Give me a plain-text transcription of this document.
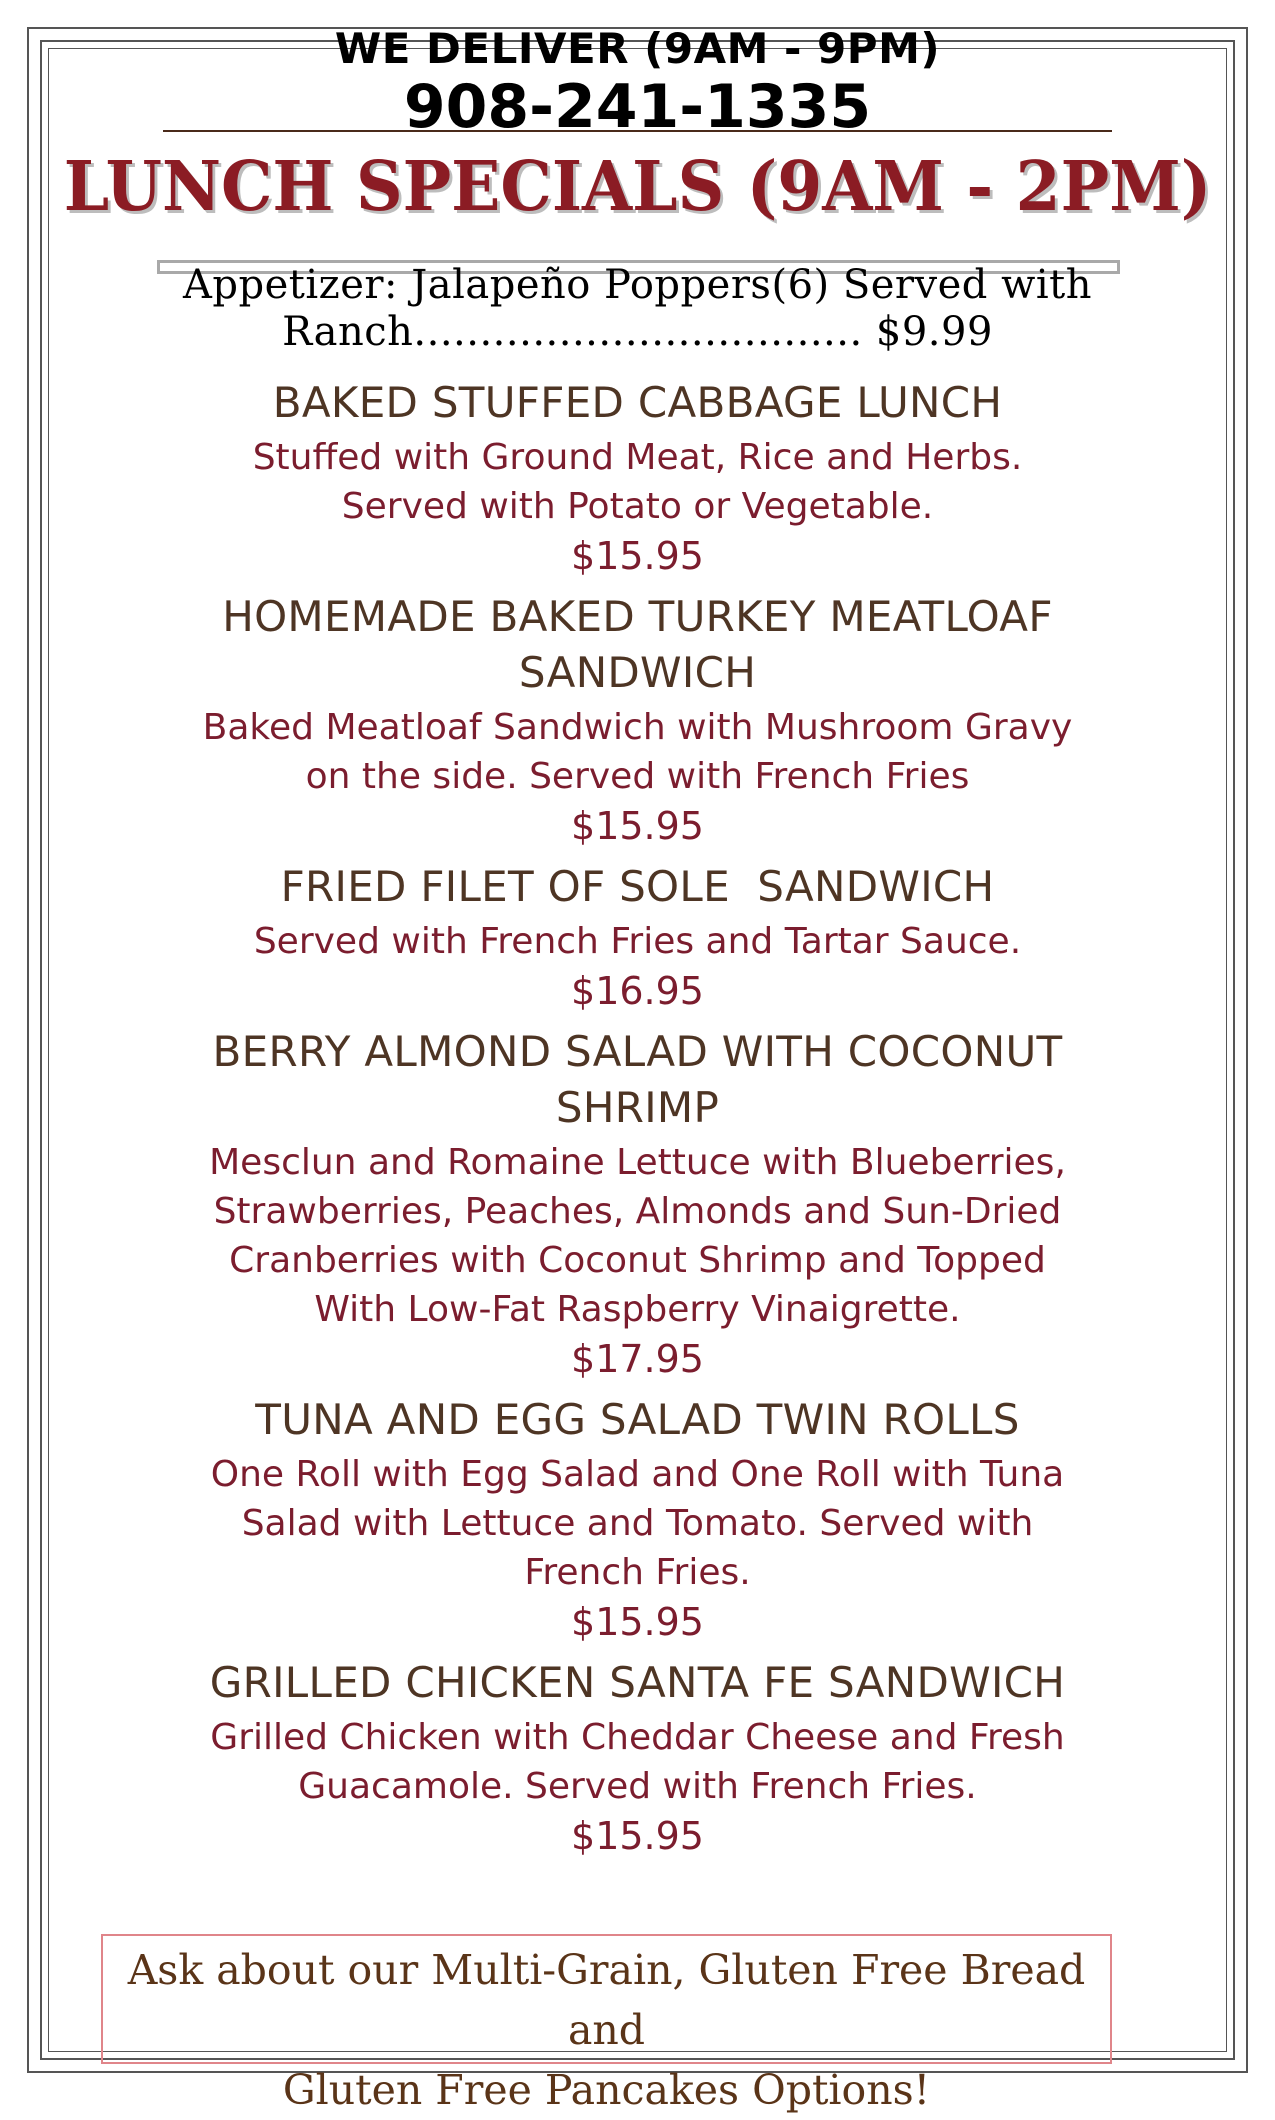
WE DELIVER (9AM - 9PM)
908-241-1335
LUNCH SPECIALS (9AM - 2PM)
Appetizer: Jalapeño Poppers(6) Served with
Ranch.................................. $9.99
BAKED STUFFED CABBAGE LUNCH
Stuffed with Ground Meat, Rice and Herbs.
Served with Potato or Vegetable.
$15.95
HOMEMADE BAKED TURKEY MEATLOAF SANDWICH
Baked Meatloaf Sandwich with Mushroom Gravy
on the side. Served with French Fries
$15.95
FRIED FILET OF SOLE  SANDWICH
Served with French Fries and Tartar Sauce.
$16.95
BERRY ALMOND SALAD WITH COCONUT SHRIMP
Mesclun and Romaine Lettuce with Blueberries,
Strawberries, Peaches, Almonds and Sun-Dried
Cranberries with Coconut Shrimp and Topped
With Low-Fat Raspberry Vinaigrette.
$17.95
TUNA AND EGG SALAD TWIN ROLLS
One Roll with Egg Salad and One Roll with Tuna
Salad with Lettuce and Tomato. Served with
French Fries.
$15.95
GRILLED CHICKEN SANTA FE SANDWICH
Grilled Chicken with Cheddar Cheese and Fresh
Guacamole. Served with French Fries.
$15.95
Ask about our Multi-Grain, Gluten Free Bread and
Gluten Free Pancakes Options!
